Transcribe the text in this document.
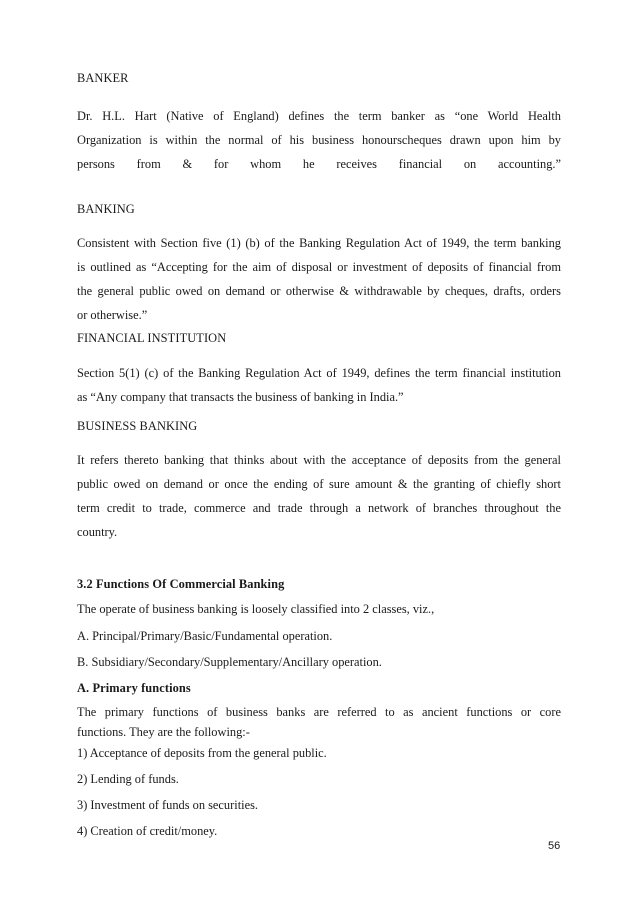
BANKER
Dr. H.L. Hart (Native of England) defines the term banker as “one World Health
Organization is within the normal of his business honourscheques drawn upon him by
persons from & for whom he receives financial on accounting.”
BANKING
Consistent with Section five (1) (b) of the Banking Regulation Act of 1949, the term banking
is outlined as “Accepting for the aim of disposal or investment of deposits of financial from
the general public owed on demand or otherwise & withdrawable by cheques, drafts, orders
or otherwise.”
FINANCIAL INSTITUTION
Section 5(1) (c) of the Banking Regulation Act of 1949, defines the term financial institution
as “Any company that transacts the business of banking in India.”
BUSINESS BANKING
It refers thereto banking that thinks about with the acceptance of deposits from the general
public owed on demand or once the ending of sure amount & the granting of chiefly short
term credit to trade, commerce and trade through a network of branches throughout the
country.
3.2 Functions Of Commercial Banking
The operate of business banking is loosely classified into 2 classes, viz.,
A. Principal/Primary/Basic/Fundamental operation.
B. Subsidiary/Secondary/Supplementary/Ancillary operation.
A. Primary functions
The primary functions of business banks are referred to as ancient functions or core
functions. They are the following:-
1) Acceptance of deposits from the general public.
2) Lending of funds.
3) Investment of funds on securities.
4) Creation of credit/money.
56
